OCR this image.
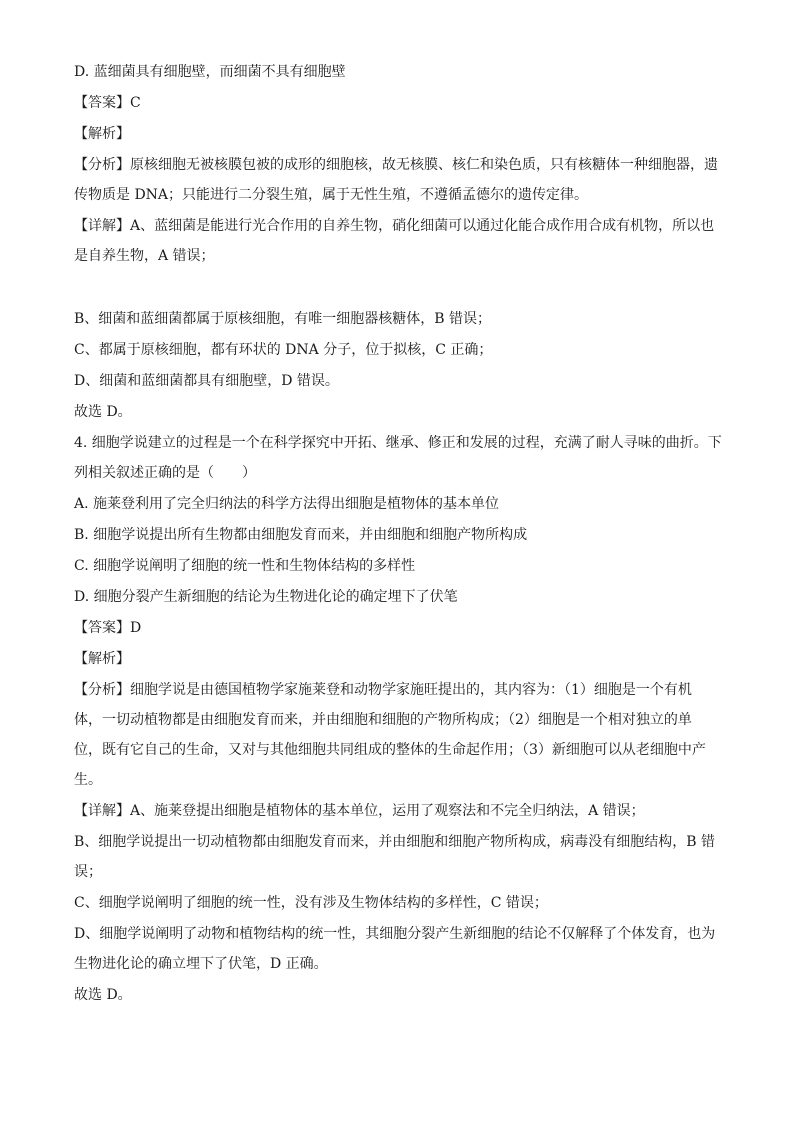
D. 蓝细菌具有细胞壁，而细菌不具有细胞壁
【答案】C
【解析】
【分析】原核细胞无被核膜包被的成形的细胞核，故无核膜、核仁和染色质，只有核糖体一种细胞器，遗
传物质是 DNA；只能进行二分裂生殖，属于无性生殖，不遵循孟德尔的遗传定律。
【详解】A、蓝细菌是能进行光合作用的自养生物，硝化细菌可以通过化能合成作用合成有机物，所以也
是自养生物，A 错误；
B、细菌和蓝细菌都属于原核细胞，有唯一细胞器核糖体，B 错误；
C、都属于原核细胞，都有环状的 DNA 分子，位于拟核，C 正确；
D、细菌和蓝细菌都具有细胞壁，D 错误。
故选 D。
4. 细胞学说建立的过程是一个在科学探究中开拓、继承、修正和发展的过程，充满了耐人寻味的曲折。下
列相关叙述正确的是（　　）
A. 施莱登利用了完全归纳法的科学方法得出细胞是植物体的基本单位
B. 细胞学说提出所有生物都由细胞发育而来，并由细胞和细胞产物所构成
C. 细胞学说阐明了细胞的统一性和生物体结构的多样性
D. 细胞分裂产生新细胞的结论为生物进化论的确定埋下了伏笔
【答案】D
【解析】
【分析】细胞学说是由德国植物学家施莱登和动物学家施旺提出的，其内容为：（1）细胞是一个有机
体，一切动植物都是由细胞发育而来，并由细胞和细胞的产物所构成；（2）细胞是一个相对独立的单
位，既有它自己的生命，又对与其他细胞共同组成的整体的生命起作用；（3）新细胞可以从老细胞中产
生。
【详解】A、施莱登提出细胞是植物体的基本单位，运用了观察法和不完全归纳法，A 错误；
B、细胞学说提出一切动植物都由细胞发育而来，并由细胞和细胞产物所构成，病毒没有细胞结构，B 错
误；
C、细胞学说阐明了细胞的统一性，没有涉及生物体结构的多样性，C 错误；
D、细胞学说阐明了动物和植物结构的统一性，其细胞分裂产生新细胞的结论不仅解释了个体发育，也为
生物进化论的确立埋下了伏笔，D 正确。
故选 D。
